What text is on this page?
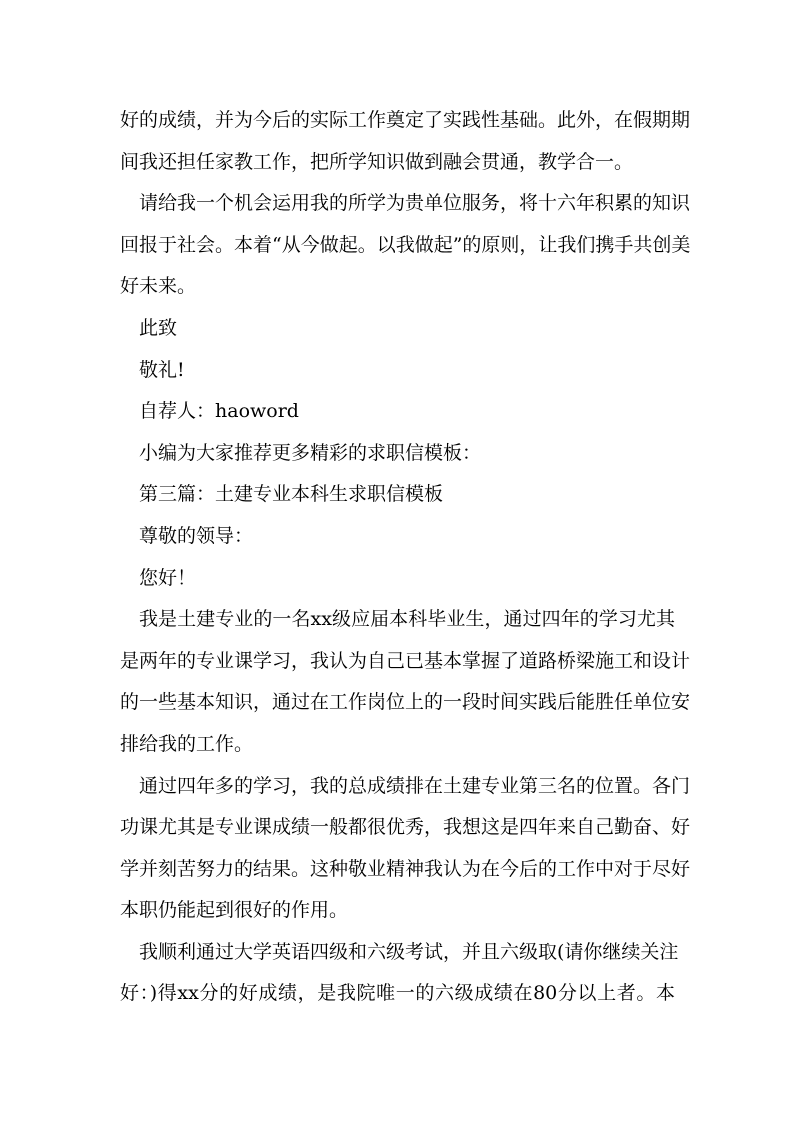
好的成绩，并为今后的实际工作奠定了实践性基础。此外，在假期期
间我还担任家教工作，把所学知识做到融会贯通，教学合一。
请给我一个机会运用我的所学为贵单位服务，将十六年积累的知识
回报于社会。本着“从今做起。以我做起”的原则，让我们携手共创美
好未来。
此致
敬礼!
自荐人：haoword
小编为大家推荐更多精彩的求职信模板：
第三篇：土建专业本科生求职信模板
尊敬的领导：
您好！
我是土建专业的一名xx级应届本科毕业生，通过四年的学习尤其
是两年的专业课学习，我认为自己已基本掌握了道路桥梁施工和设计
的一些基本知识，通过在工作岗位上的一段时间实践后能胜任单位安
排给我的工作。
通过四年多的学习，我的总成绩排在土建专业第三名的位置。各门
功课尤其是专业课成绩一般都很优秀，我想这是四年来自己勤奋、好
学并刻苦努力的结果。这种敬业精神我认为在今后的工作中对于尽好
本职仍能起到很好的作用。
我顺利通过大学英语四级和六级考试，并且六级取(请你继续关注
好：)得xx分的好成绩，是我院唯一的六级成绩在80分以上者。本
